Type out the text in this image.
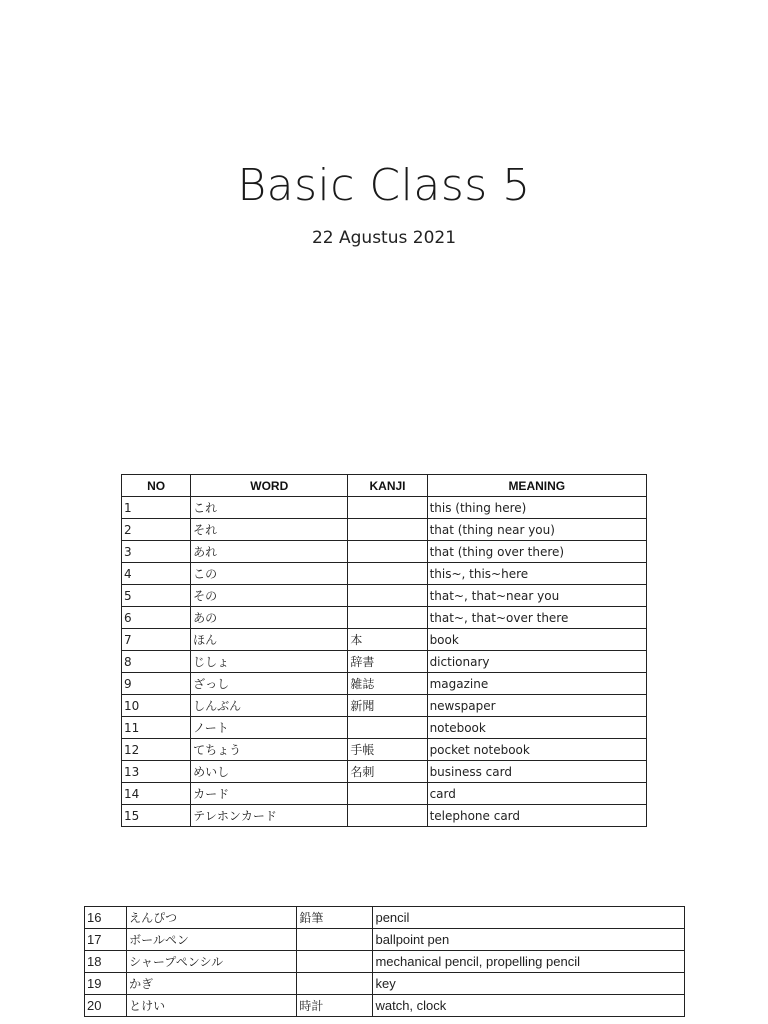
Basic Class 5
22 Agustus 2021
NO	WORD	KANJI	MEANING
1	これ		this (thing here)
2	それ		that (thing near you)
3	あれ		that (thing over there)
4	この		this~, this~here
5	その		that~, that~near you
6	あの		that~, that~over there
7	ほん	本	book
8	じしょ	辞書	dictionary
9	ざっし	雑誌	magazine
10	しんぶん	新聞	newspaper
11	ノート		notebook
12	てちょう	手帳	pocket notebook
13	めいし	名刺	business card
14	カード		card
15	テレホンカード		telephone card
16	えんぴつ	鉛筆	pencil
17	ボールペン		ballpoint pen
18	シャープペンシル		mechanical pencil, propelling pencil
19	かぎ		key
20	とけい	時計	watch, clock
